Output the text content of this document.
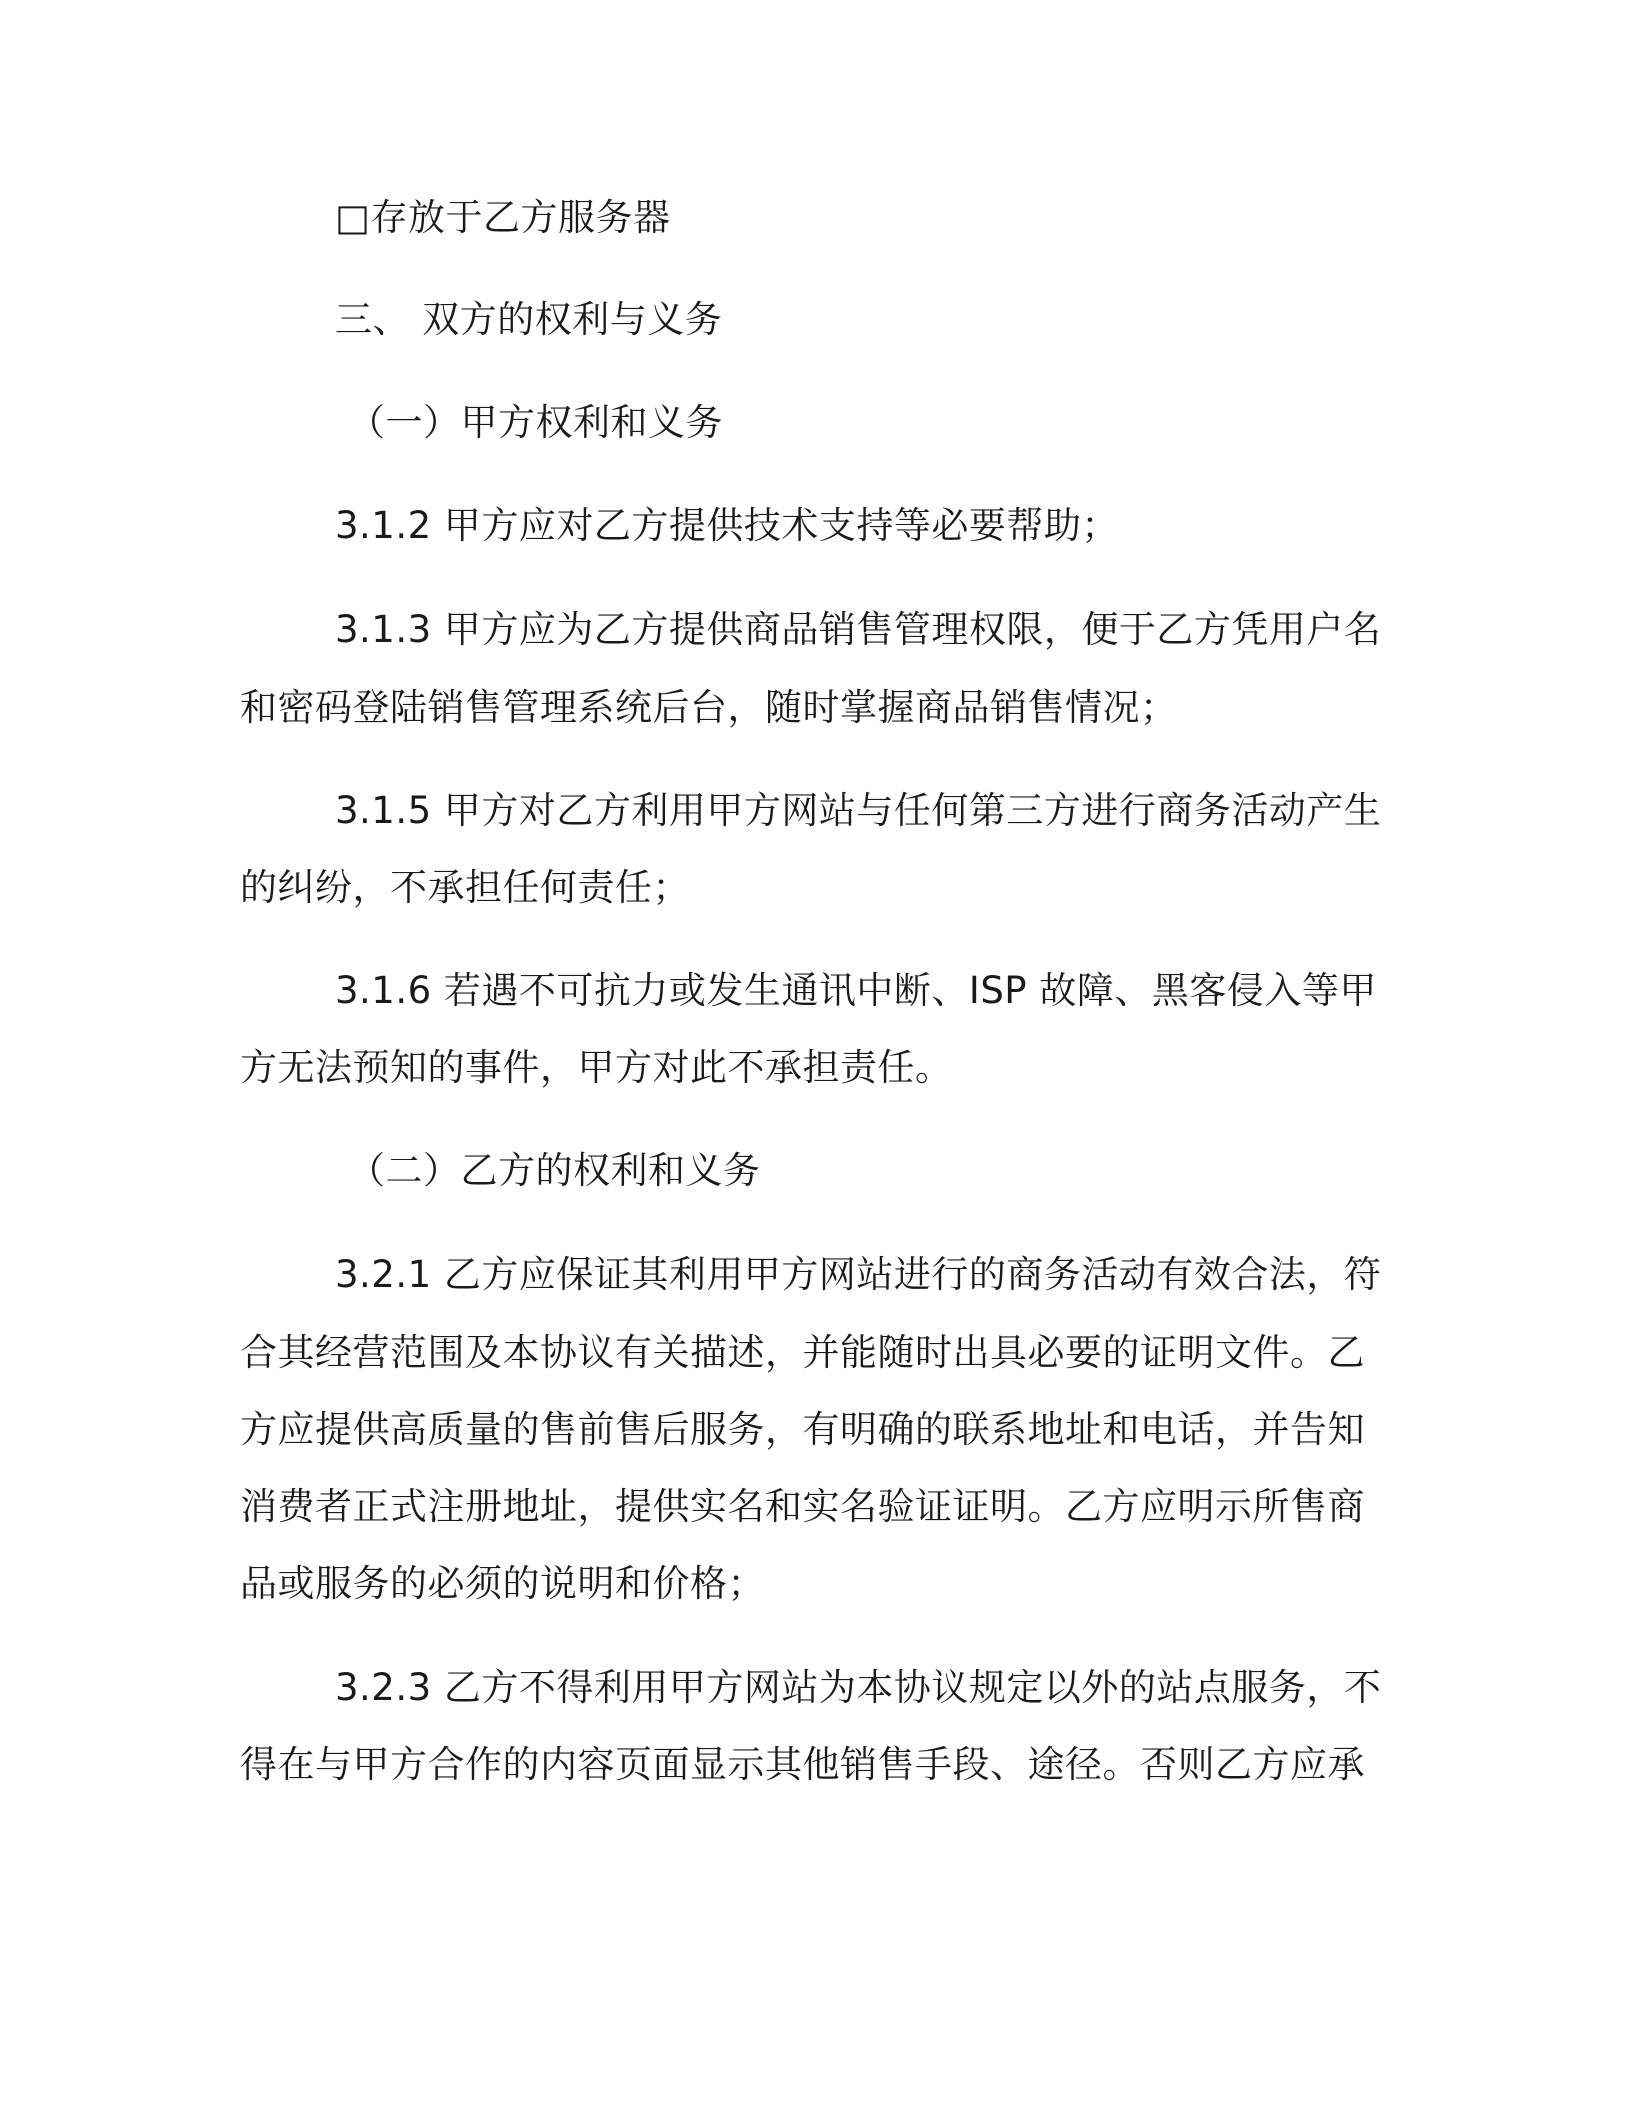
□存放于乙方服务器
三、 双方的权利与义务
（一）甲方权利和义务
3.1.2 甲方应对乙方提供技术支持等必要帮助；
3.1.3 甲方应为乙方提供商品销售管理权限，便于乙方凭用户名
和密码登陆销售管理系统后台，随时掌握商品销售情况；
3.1.5 甲方对乙方利用甲方网站与任何第三方进行商务活动产生
的纠纷，不承担任何责任；
3.1.6 若遇不可抗力或发生通讯中断、ISP 故障、黑客侵入等甲
方无法预知的事件，甲方对此不承担责任。
（二）乙方的权利和义务
3.2.1 乙方应保证其利用甲方网站进行的商务活动有效合法，符
合其经营范围及本协议有关描述，并能随时出具必要的证明文件。乙
方应提供高质量的售前售后服务，有明确的联系地址和电话，并告知
消费者正式注册地址，提供实名和实名验证证明。乙方应明示所售商
品或服务的必须的说明和价格；
3.2.3 乙方不得利用甲方网站为本协议规定以外的站点服务，不
得在与甲方合作的内容页面显示其他销售手段、途径。否则乙方应承
